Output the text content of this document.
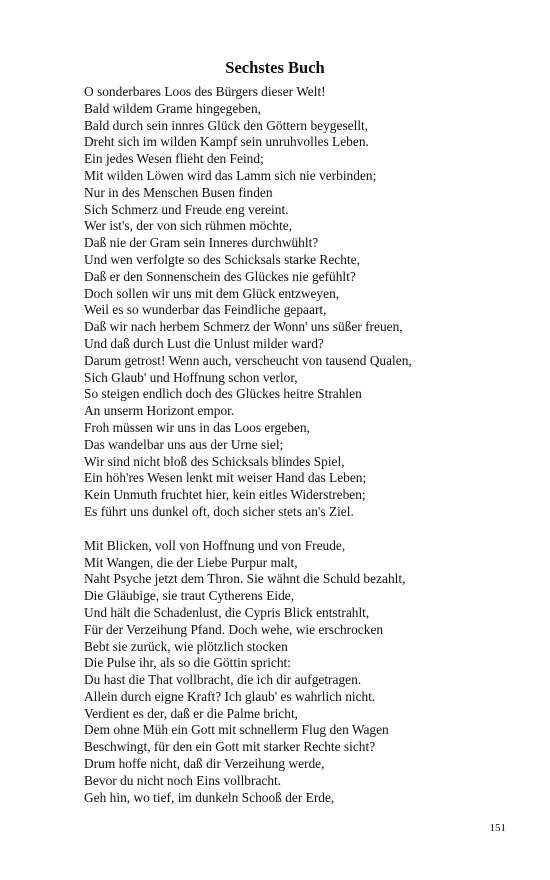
Sechstes Buch
O sonderbares Loos des Bürgers dieser Welt!
Bald wildem Grame hingegeben,
Bald durch sein innres Glück den Göttern beygesellt,
Dreht sich im wilden Kampf sein unruhvolles Leben.
Ein jedes Wesen flieht den Feind;
Mit wilden Löwen wird das Lamm sich nie verbinden;
Nur in des Menschen Busen finden
Sich Schmerz und Freude eng vereint.
Wer ist's, der von sich rühmen möchte,
Daß nie der Gram sein Inneres durchwühlt?
Und wen verfolgte so des Schicksals starke Rechte,
Daß er den Sonnenschein des Glückes nie gefühlt?
Doch sollen wir uns mit dem Glück entzweyen,
Weil es so wunderbar das Feindliche gepaart,
Daß wir nach herbem Schmerz der Wonn' uns süßer freuen,
Und daß durch Lust die Unlust milder ward?
Darum getrost! Wenn auch, verscheucht von tausend Qualen,
Sich Glaub' und Hoffnung schon verlor,
So steigen endlich doch des Glückes heitre Strahlen
An unserm Horizont empor.
Froh müssen wir uns in das Loos ergeben,
Das wandelbar uns aus der Urne siel;
Wir sind nicht bloß des Schicksals blindes Spiel,
Ein höh'res Wesen lenkt mit weiser Hand das Leben;
Kein Unmuth fruchtet hier, kein eitles Widerstreben;
Es führt uns dunkel oft, doch sicher stets an's Ziel.
Mit Blicken, voll von Hoffnung und von Freude,
Mit Wangen, die der Liebe Purpur malt,
Naht Psyche jetzt dem Thron. Sie wähnt die Schuld bezahlt,
Die Gläubige, sie traut Cytherens Eide,
Und hält die Schadenlust, die Cypris Blick entstrahlt,
Für der Verzeihung Pfand. Doch wehe, wie erschrocken
Bebt sie zurück, wie plötzlich stocken
Die Pulse ihr, als so die Göttin spricht:
Du hast die That vollbracht, die ich dir aufgetragen.
Allein durch eigne Kraft? Ich glaub' es wahrlich nicht.
Verdient es der, daß er die Palme bricht,
Dem ohne Müh ein Gott mit schnellerm Flug den Wagen
Beschwingt, für den ein Gott mit starker Rechte sicht?
Drum hoffe nicht, daß dir Verzeihung werde,
Bevor du nicht noch Eins vollbracht.
Geh hin, wo tief, im dunkeln Schooß der Erde,
151
